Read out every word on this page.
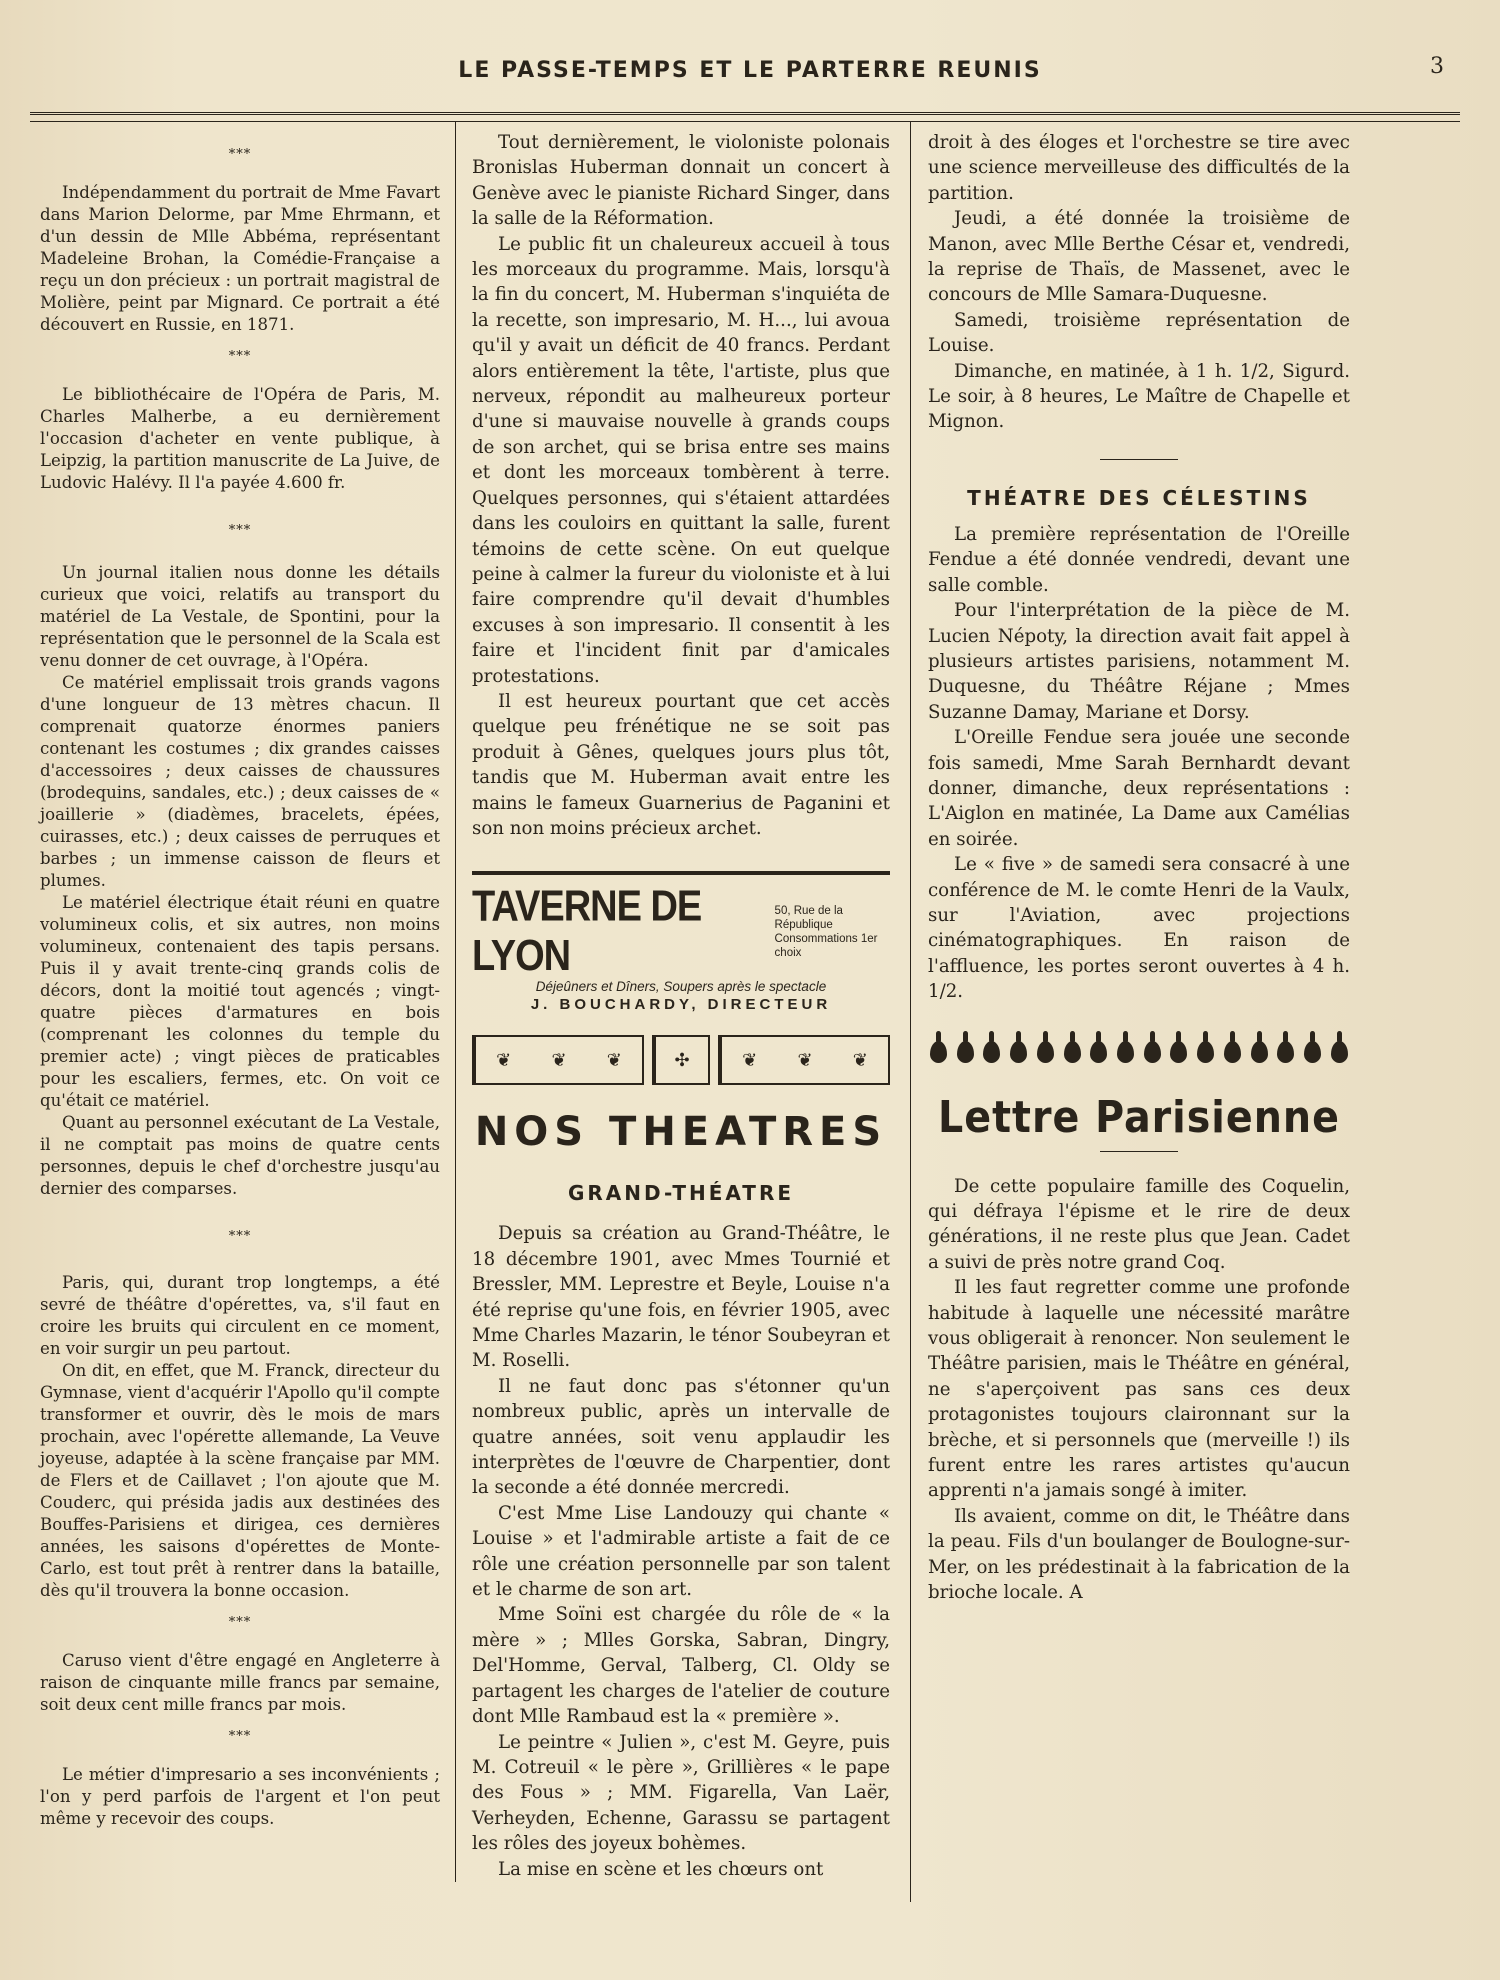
LE PASSE-TEMPS ET LE PARTERRE REUNIS	3
***

Indépendamment du portrait de Mme Favart dans Marion Delorme, par Mme Ehrmann, et d'un dessin de Mlle Abbéma, représentant Madeleine Brohan, la Comédie-Française a reçu un don précieux : un portrait magistral de Molière, peint par Mignard. Ce portrait a été découvert en Russie, en 1871.

***

Le bibliothécaire de l'Opéra de Paris, M. Charles Malherbe, a eu dernièrement l'occasion d'acheter en vente publique, à Leipzig, la partition manuscrite de La Juive, de Ludovic Halévy. Il l'a payée 4.600 fr.

***

Un journal italien nous donne les détails curieux que voici, relatifs au transport du matériel de La Vestale, de Spontini, pour la représentation que le personnel de la Scala est venu donner de cet ouvrage, à l'Opéra.

Ce matériel emplissait trois grands vagons d'une longueur de 13 mètres chacun. Il comprenait quatorze énormes paniers contenant les costumes ; dix grandes caisses d'accessoires ; deux caisses de chaussures (brodequins, sandales, etc.) ; deux caisses de « joaillerie » (diadèmes, bracelets, épées, cuirasses, etc.) ; deux caisses de perruques et barbes ; un immense caisson de fleurs et plumes.

Le matériel électrique était réuni en quatre volumineux colis, et six autres, non moins volumineux, contenaient des tapis persans. Puis il y avait trente-cinq grands colis de décors, dont la moitié tout agencés ; vingt-quatre pièces d'armatures en bois (comprenant les colonnes du temple du premier acte) ; vingt pièces de praticables pour les escaliers, fermes, etc. On voit ce qu'était ce matériel.

Quant au personnel exécutant de La Vestale, il ne comptait pas moins de quatre cents personnes, depuis le chef d'orchestre jusqu'au dernier des comparses.

***

Paris, qui, durant trop longtemps, a été sevré de théâtre d'opérettes, va, s'il faut en croire les bruits qui circulent en ce moment, en voir surgir un peu partout.

On dit, en effet, que M. Franck, directeur du Gymnase, vient d'acquérir l'Apollo qu'il compte transformer et ouvrir, dès le mois de mars prochain, avec l'opérette allemande, La Veuve joyeuse, adaptée à la scène française par MM. de Flers et de Caillavet ; l'on ajoute que M. Couderc, qui présida jadis aux destinées des Bouffes-Parisiens et dirigea, ces dernières années, les saisons d'opérettes de Monte-Carlo, est tout prêt à rentrer dans la bataille, dès qu'il trouvera la bonne occasion.

***

Caruso vient d'être engagé en Angleterre à raison de cinquante mille francs par semaine, soit deux cent mille francs par mois.

***

Le métier d'impresario a ses inconvénients ; l'on y perd parfois de l'argent et l'on peut même y recevoir des coups.

Tout dernièrement, le violoniste polonais Bronislas Huberman donnait un concert à Genève avec le pianiste Richard Singer, dans la salle de la Réformation.

Le public fit un chaleureux accueil à tous les morceaux du programme. Mais, lorsqu'à la fin du concert, M. Huberman s'inquiéta de la recette, son impresario, M. H..., lui avoua qu'il y avait un déficit de 40 francs. Perdant alors entièrement la tête, l'artiste, plus que nerveux, répondit au malheureux porteur d'une si mauvaise nouvelle à grands coups de son archet, qui se brisa entre ses mains et dont les morceaux tombèrent à terre. Quelques personnes, qui s'étaient attardées dans les couloirs en quittant la salle, furent témoins de cette scène. On eut quelque peine à calmer la fureur du violoniste et à lui faire comprendre qu'il devait d'humbles excuses à son impresario. Il consentit à les faire et l'incident finit par d'amicales protestations.

Il est heureux pourtant que cet accès quelque peu frénétique ne se soit pas produit à Gênes, quelques jours plus tôt, tandis que M. Huberman avait entre les mains le fameux Guarnerius de Paganini et son non moins précieux archet.

TAVERNE DE LYON
50, Rue de la République
Consommations 1er choix
Déjeûners et Dîners, Soupers après le spectacle
J. BOUCHARDY, DIRECTEUR
❦ ❦ ❦	✣	❦ ❦ ❦
NOS THEATRES
GRAND-THÉATRE

Depuis sa création au Grand-Théâtre, le 18 décembre 1901, avec Mmes Tournié et Bressler, MM. Leprestre et Beyle, Louise n'a été reprise qu'une fois, en février 1905, avec Mme Charles Mazarin, le ténor Soubeyran et M. Roselli.

Il ne faut donc pas s'étonner qu'un nombreux public, après un intervalle de quatre années, soit venu applaudir les interprètes de l'œuvre de Charpentier, dont la seconde a été donnée mercredi.

C'est Mme Lise Landouzy qui chante « Louise » et l'admirable artiste a fait de ce rôle une création personnelle par son talent et le charme de son art.

Mme Soïni est chargée du rôle de « la mère » ; Mlles Gorska, Sabran, Dingry, Del'Homme, Gerval, Talberg, Cl. Oldy se partagent les charges de l'atelier de couture dont Mlle Rambaud est la « première ».

Le peintre « Julien », c'est M. Geyre, puis M. Cotreuil « le père », Grillières « le pape des Fous » ; MM. Figarella, Van Laër, Verheyden, Echenne, Garassu se partagent les rôles des joyeux bohèmes.

La mise en scène et les chœurs ont

droit à des éloges et l'orchestre se tire avec une science merveilleuse des difficultés de la partition.

Jeudi, a été donnée la troisième de Manon, avec Mlle Berthe César et, vendredi, la reprise de Thaïs, de Massenet, avec le concours de Mlle Samara-Duquesne.

Samedi, troisième représentation de Louise.

Dimanche, en matinée, à 1 h. 1/2, Sigurd. Le soir, à 8 heures, Le Maître de Chapelle et Mignon.

THÉATRE DES CÉLESTINS

La première représentation de l'Oreille Fendue a été donnée vendredi, devant une salle comble.

Pour l'interprétation de la pièce de M. Lucien Népoty, la direction avait fait appel à plusieurs artistes parisiens, notamment M. Duquesne, du Théâtre Réjane ; Mmes Suzanne Damay, Mariane et Dorsy.

L'Oreille Fendue sera jouée une seconde fois samedi, Mme Sarah Bernhardt devant donner, dimanche, deux représentations : L'Aiglon en matinée, La Dame aux Camélias en soirée.

Le « five » de samedi sera consacré à une conférence de M. le comte Henri de la Vaulx, sur l'Aviation, avec projections cinématographiques. En raison de l'affluence, les portes seront ouvertes à 4 h. 1/2.

Lettre Parisienne

De cette populaire famille des Coquelin, qui défraya l'épisme et le rire de deux générations, il ne reste plus que Jean. Cadet a suivi de près notre grand Coq.

Il les faut regretter comme une profonde habitude à laquelle une nécessité marâtre vous obligerait à renoncer. Non seulement le Théâtre parisien, mais le Théâtre en général, ne s'aperçoivent pas sans ces deux protagonistes toujours claironnant sur la brèche, et si personnels que (merveille !) ils furent entre les rares artistes qu'aucun apprenti n'a jamais songé à imiter.

Ils avaient, comme on dit, le Théâtre dans la peau. Fils d'un boulanger de Boulogne-sur-Mer, on les prédestinait à la fabrication de la brioche locale. A
